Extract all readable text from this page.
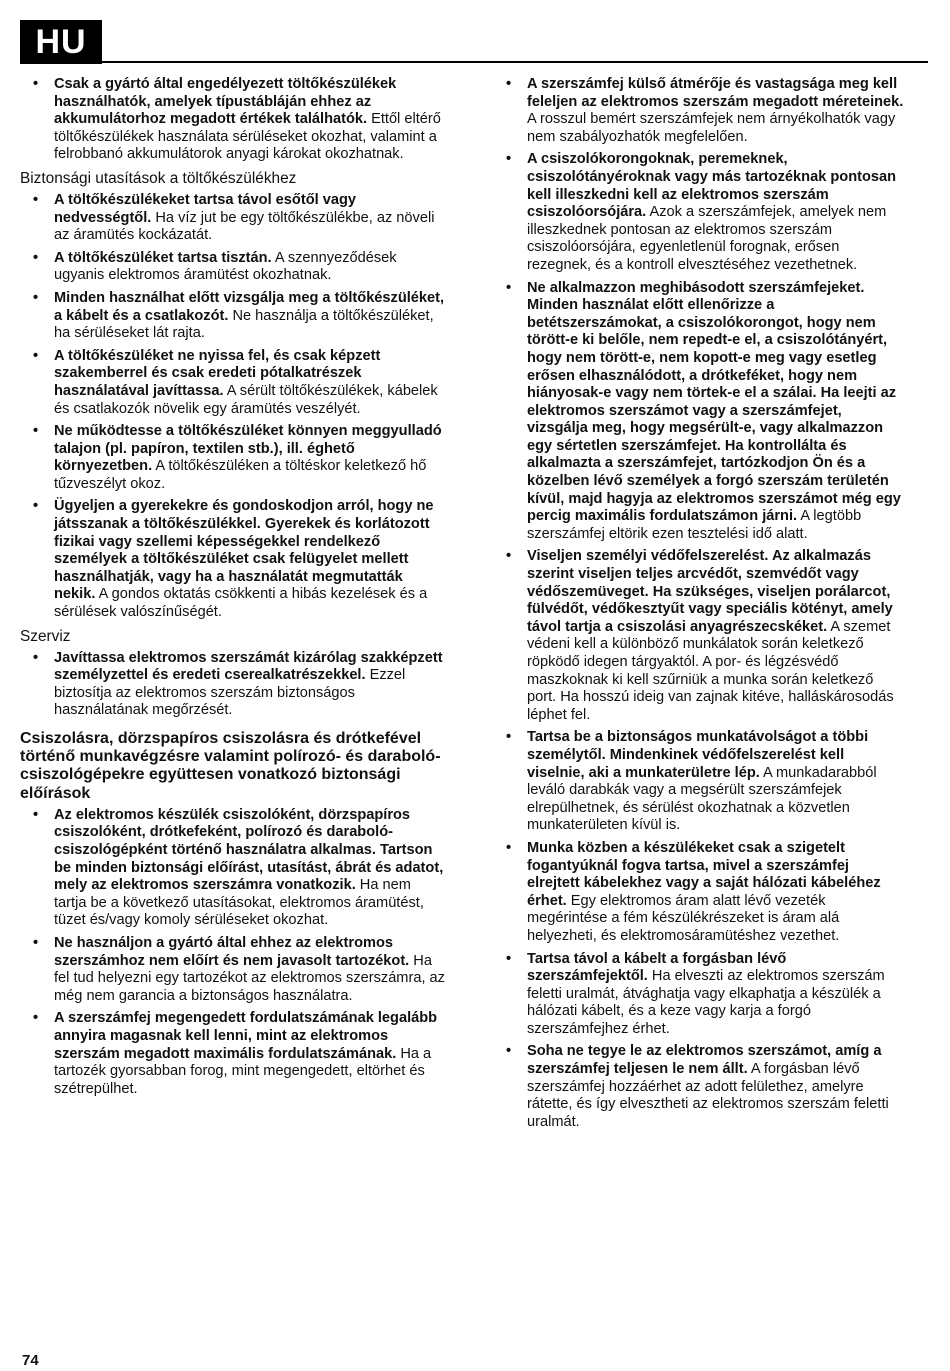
HU
• Csak a gyártó által engedélyezett töltőkészülékek használhatók, amelyek típustábláján ehhez az akkumulátorhoz megadott értékek találhatók. Ettől eltérő töltőkészülékek használata sérüléseket okozhat, valamint a felrobbanó akkumulátorok anyagi károkat okozhatnak.
Biztonsági utasítások a töltőkészülékhez
• A töltőkészülékeket tartsa távol esőtől vagy nedvességtől. Ha víz jut be egy töltőkészülékbe, az növeli az áramütés kockázatát.
• A töltőkészüléket tartsa tisztán. A szennyeződések ugyanis elektromos áramütést okozhatnak.
• Minden használhat előtt vizsgálja meg a töltőkészüléket, a kábelt és a csatlakozót. Ne használja a töltőkészüléket, ha sérüléseket lát rajta.
• A töltőkészüléket ne nyissa fel, és csak képzett szakemberrel és csak eredeti pótalkatrészek használatával javíttassa. A sérült töltőkészülékek, kábelek és csatlakozók növelik egy áramütés veszélyét.
• Ne működtesse a töltőkészüléket könnyen meggyulladó talajon (pl. papíron, textilen stb.), ill. éghető környezetben. A töltőkészüléken a töltéskor keletkező hő tűzveszélyt okoz.
• Ügyeljen a gyerekekre és gondoskodjon arról, hogy ne játsszanak a töltőkészülékkel. Gyerekek és korlátozott fizikai vagy szellemi képességekkel rendelkező személyek a töltőkészüléket csak felügyelet mellett használhatják, vagy ha a használatát megmutatták nekik. A gondos oktatás csökkenti a hibás kezelések és a sérülések valószínűségét.
Szerviz
• Javíttassa elektromos szerszámát kizárólag szakképzett személyzettel és eredeti cserealkatrészekkel. Ezzel biztosítja az elektromos szerszám biztonságos használatának megőrzését.
Csiszolásra, dörzspapíros csiszolásra és drótkefével történő munkavégzésre valamint polírozó- és daraboló-csiszológépekre együttesen vonatkozó biztonsági előírások
• Az elektromos készülék csiszolóként, dörzspapíros csiszolóként, drótkefeként, polírozó és daraboló-csiszológépként történő használatra alkalmas. Tartson be minden biztonsági előírást, utasítást, ábrát és adatot, mely az elektromos szerszámra vonatkozik. Ha nem tartja be a következő utasításokat, elektromos áramütést, tüzet és/vagy komoly sérüléseket okozhat.
• Ne használjon a gyártó által ehhez az elektromos szerszámhoz nem előírt és nem javasolt tartozékot. Ha fel tud helyezni egy tartozékot az elektromos szerszámra, az még nem garancia a biztonságos használatra.
• A szerszámfej megengedett fordulatszámának legalább annyira magasnak kell lenni, mint az elektromos szerszám megadott maximális fordulatszámának. Ha a tartozék gyorsabban forog, mint megengedett, eltörhet és szétrepülhet.
• A szerszámfej külső átmérője és vastagsága meg kell feleljen az elektromos szerszám megadott méreteinek. A rosszul bemért szerszámfejek nem árnyékolhatók vagy nem szabályozhatók megfelelően.
• A csiszolókorongoknak, peremeknek, csiszolótányéroknak vagy más tartozéknak pontosan kell illeszkedni kell az elektromos szerszám csiszolóorsójára. Azok a szerszámfejek, amelyek nem illeszkednek pontosan az elektromos szerszám csiszolóorsójára, egyenletlenül forognak, erősen rezegnek, és a kontroll elvesztéséhez vezethetnek.
• Ne alkalmazzon meghibásodott szerszámfejeket. Minden használat előtt ellenőrizze a betétszerszámokat, a csiszolókorongot, hogy nem törött-e ki belőle, nem repedt-e el, a csiszolótányért, hogy nem törött-e, nem kopott-e meg vagy esetleg erősen elhasználódott, a drótkeféket, hogy nem hiányosak-e vagy nem törtek-e el a szálai. Ha leejti az elektromos szerszámot vagy a szerszámfejet, vizsgálja meg, hogy megsérült-e, vagy alkalmazzon egy sértetlen szerszámfejet. Ha kontrollálta és alkalmazta a szerszámfejet, tartózkodjon Ön és a közelben lévő személyek a forgó szerszám területén kívül, majd hagyja az elektromos szerszámot még egy percig maximális fordulatszámon járni. A legtöbb szerszámfej eltörik ezen tesztelési idő alatt.
• Viseljen személyi védőfelszerelést. Az alkalmazás szerint viseljen teljes arcvédőt, szemvédőt vagy védőszemüveget. Ha szükséges, viseljen porálarcot, fülvédőt, védőkesztyűt vagy speciális kötényt, amely távol tartja a csiszolási anyagrészecskéket. A szemet védeni kell a különböző munkálatok során keletkező röpködő idegen tárgyaktól. A por- és légzésvédő maszkoknak ki kell szűrniük a munka során keletkező port. Ha hosszú ideig van zajnak kitéve, halláskárosodás léphet fel.
• Tartsa be a biztonságos munkatávolságot a többi személytől. Mindenkinek védőfelszerelést kell viselnie, aki a munkaterületre lép. A munkadarabból leváló darabkák vagy a megsérült szerszámfejek elrepülhetnek, és sérülést okozhatnak a közvetlen munkaterületen kívül is.
• Munka közben a készülékeket csak a szigetelt fogantyúknál fogva tartsa, mivel a szerszámfej elrejtett kábelekhez vagy a saját hálózati kábeléhez érhet. Egy elektromos áram alatt lévő vezeték megérintése a fém készülékrészeket is áram alá helyezheti, és elektromosáramütéshez vezethet.
• Tartsa távol a kábelt a forgásban lévő szerszámfejektől. Ha elveszti az elektromos szerszám feletti uralmát, átvághatja vagy elkaphatja a készülék a hálózati kábelt, és a keze vagy karja a forgó szerszámfejhez érhet.
• Soha ne tegye le az elektromos szerszámot, amíg a szerszámfej teljesen le nem állt. A forgásban lévő szerszámfej hozzáérhet az adott felülethez, amelyre rátette, és így elvesztheti az elektromos szerszám feletti uralmát.
74
